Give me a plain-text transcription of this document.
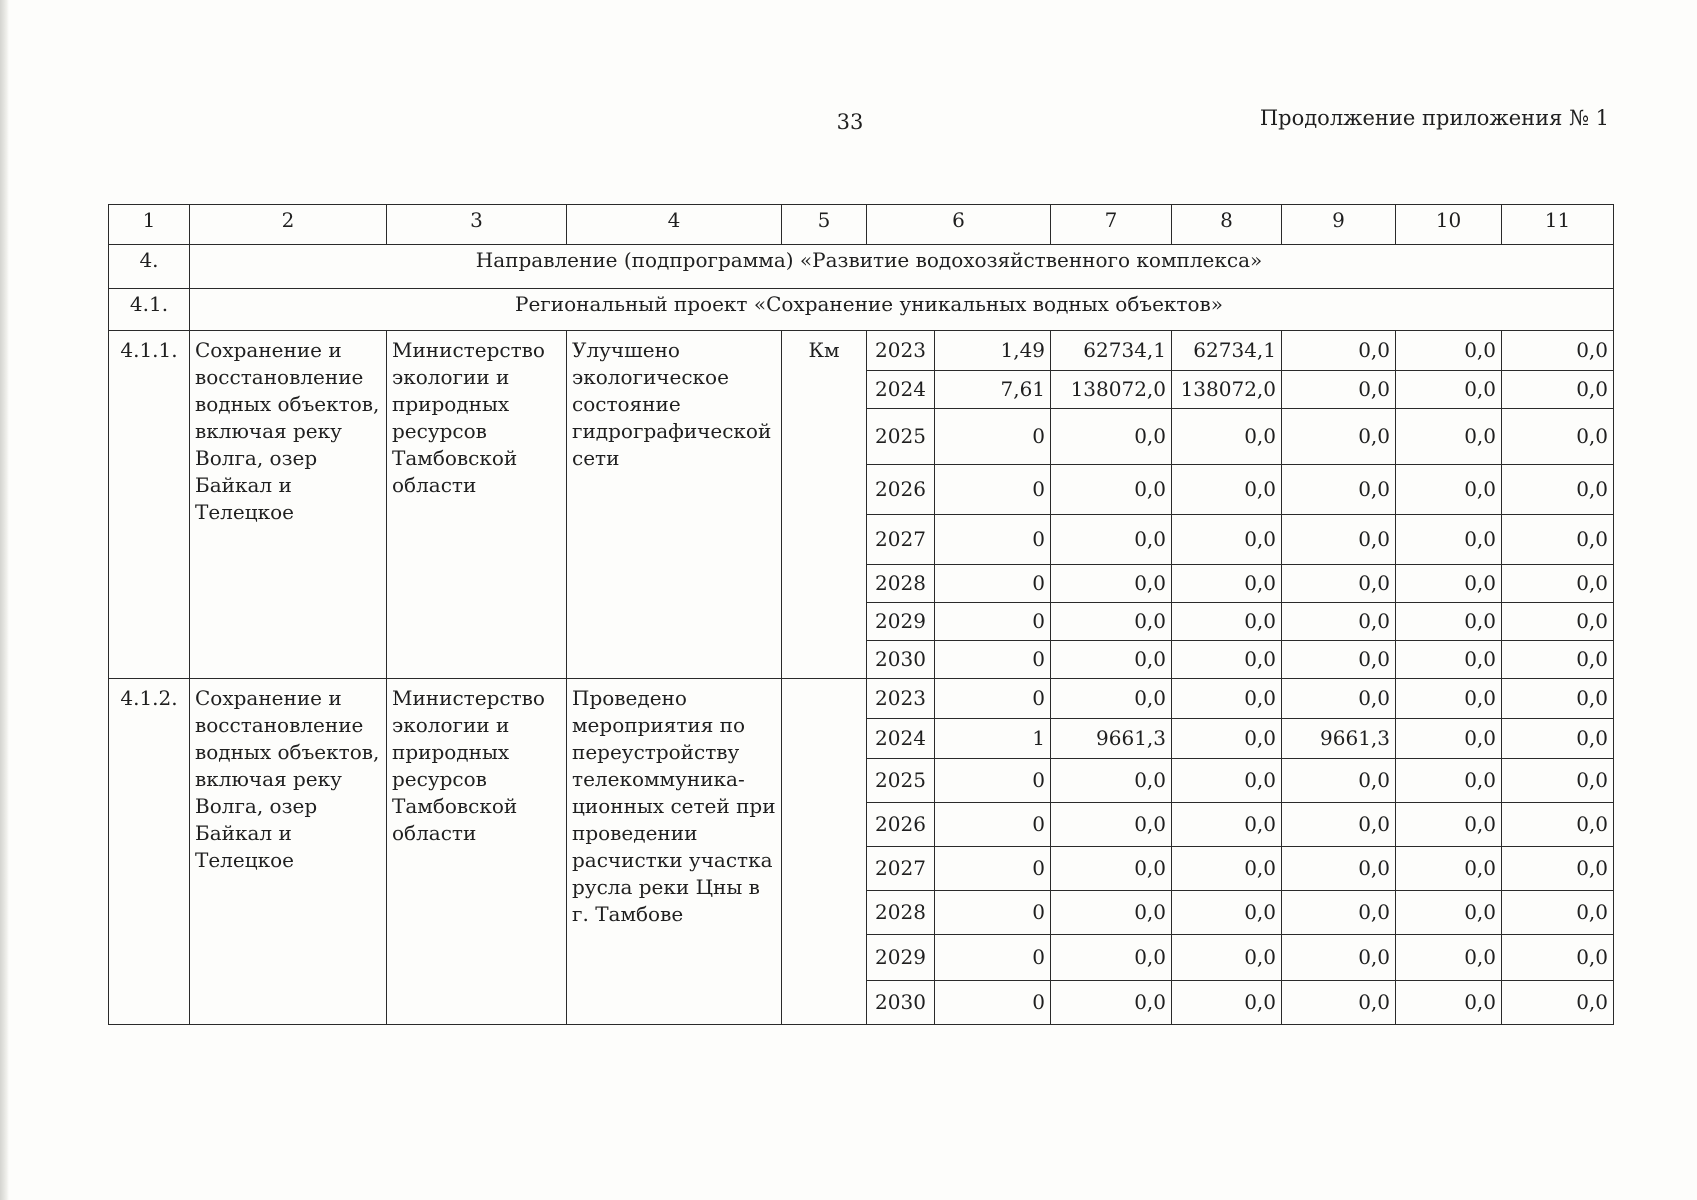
33	Продолжение приложения № 1
1	2	3	4	5	6		7	8	9	10	11
4.	Направление (подпрограмма) «Развитие водохозяйственного комплекса»										
4.1.	Региональный проект «Сохранение уникальных водных объектов»										
4.1.1.	Сохранение и восстановление водных объектов, включая реку Волга, озер Байкал и Телецкое	Министерство экологии и природных ресурсов Тамбовской области	Улучшено экологическое состояние гидрографической сети	Км	2023	1,49	62734,1	62734,1	0,0	0,0	0,0
					2024	7,61	138072,0	138072,0	0,0	0,0	0,0
					2025	0	0,0	0,0	0,0	0,0	0,0
					2026	0	0,0	0,0	0,0	0,0	0,0
					2027	0	0,0	0,0	0,0	0,0	0,0
					2028	0	0,0	0,0	0,0	0,0	0,0
					2029	0	0,0	0,0	0,0	0,0	0,0
					2030	0	0,0	0,0	0,0	0,0	0,0
4.1.2.	Сохранение и восстановление водных объектов, включая реку Волга, озер Байкал и Телецкое	Министерство экологии и природных ресурсов Тамбовской области	Проведено мероприятия по переустройству телекоммуника-ционных сетей при проведении расчистки участка русла реки Цны в г. Тамбове		2023	0	0,0	0,0	0,0	0,0	0,0
					2024	1	9661,3	0,0	9661,3	0,0	0,0
					2025	0	0,0	0,0	0,0	0,0	0,0
					2026	0	0,0	0,0	0,0	0,0	0,0
					2027	0	0,0	0,0	0,0	0,0	0,0
					2028	0	0,0	0,0	0,0	0,0	0,0
					2029	0	0,0	0,0	0,0	0,0	0,0
					2030	0	0,0	0,0	0,0	0,0	0,0
